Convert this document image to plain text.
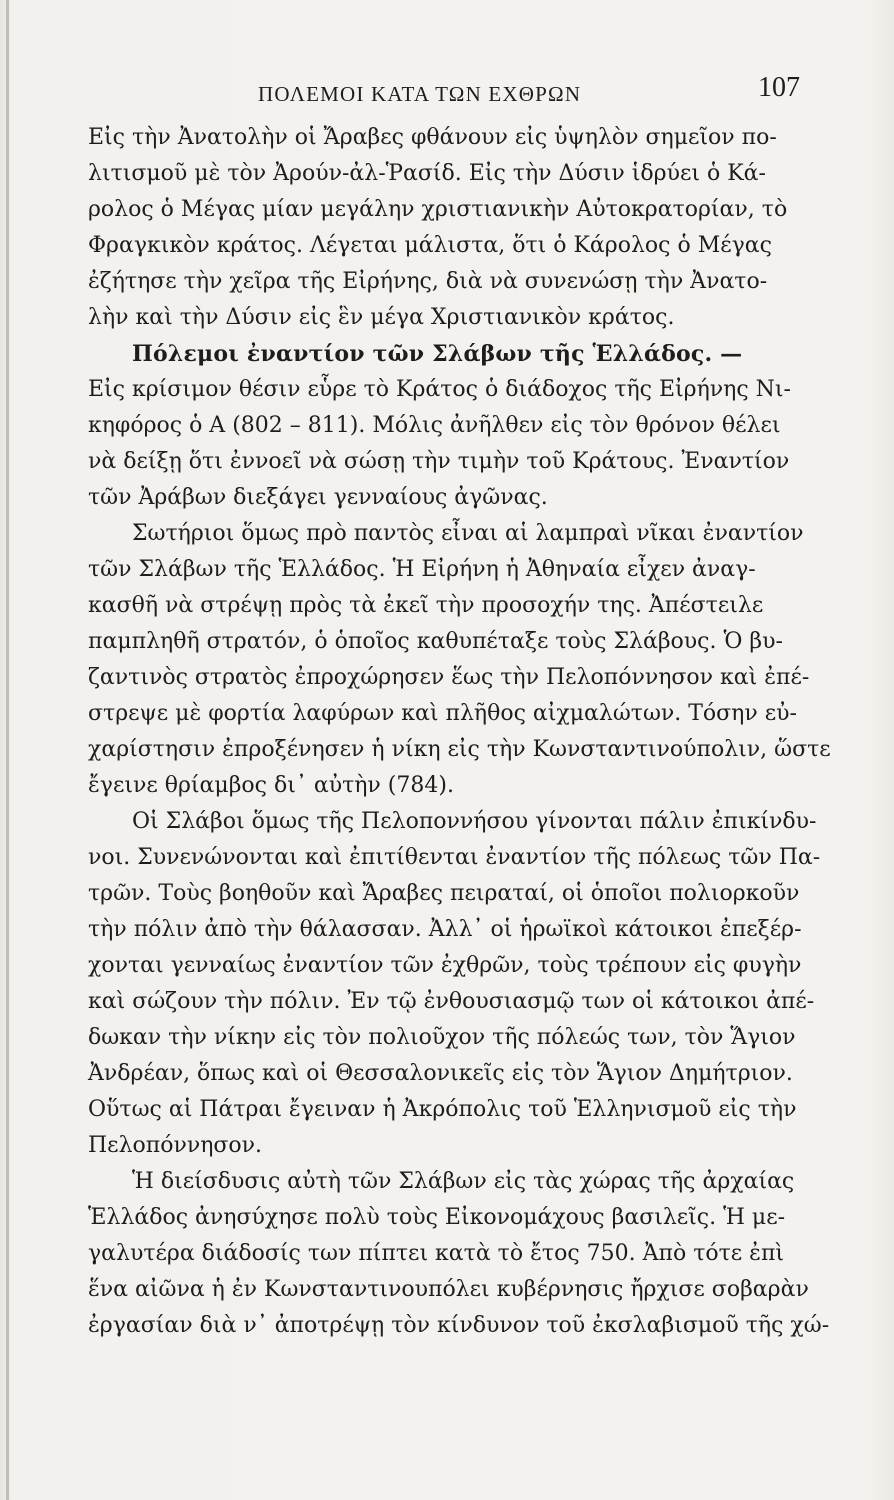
ΠΟΛΕΜΟΙ ΚΑΤΑ ΤΩΝ ΕΧΘΡΩΝ	107
Εἰς τὴν Ἀνατολὴν οἱ Ἄραβες φθάνουν εἰς ὑψηλὸν σημεῖον πο-
λιτισμοῦ μὲ τὸν Ἀρούν-ἀλ-Ῥασίδ. Εἰς τὴν Δύσιν ἱδρύει ὁ Κά-
ρολος ὁ Μέγας μίαν μεγάλην χριστιανικὴν Αὐτοκρατορίαν, τὸ
Φραγκικὸν κράτος. Λέγεται μάλιστα, ὅτι ὁ Κάρολος ὁ Μέγας
ἐζήτησε τὴν χεῖρα τῆς Εἰρήνης, διὰ νὰ συνενώσῃ τὴν Ἀνατο-
λὴν καὶ τὴν Δύσιν εἰς ἓν μέγα Χριστιανικὸν κράτος.
Πόλεμοι ἐναντίον τῶν Σλάβων τῆς Ἑλλάδος. —
Εἰς κρίσιμον θέσιν εὗρε τὸ Κράτος ὁ διάδοχος τῆς Εἰρήνης Νι-
κηφόρος ὁ Α (802 – 811). Μόλις ἀνῆλθεν εἰς τὸν θρόνον θέλει
νὰ δείξῃ ὅτι ἐννοεῖ νὰ σώσῃ τὴν τιμὴν τοῦ Κράτους. Ἐναντίον
τῶν Ἀράβων διεξάγει γενναίους ἀγῶνας.
Σωτήριοι ὅμως πρὸ παντὸς εἶναι αἱ λαμπραὶ νῖκαι ἐναντίον
τῶν Σλάβων τῆς Ἑλλάδος. Ἡ Εἰρήνη ἡ Ἀθηναία εἶχεν ἀναγ-
κασθῆ νὰ στρέψῃ πρὸς τὰ ἐκεῖ τὴν προσοχήν της. Ἀπέστειλε
παμπληθῆ στρατόν, ὁ ὁποῖος καθυπέταξε τοὺς Σλάβους. Ὁ βυ-
ζαντινὸς στρατὸς ἐπροχώρησεν ἕως τὴν Πελοπόννησον καὶ ἐπέ-
στρεψε μὲ φορτία λαφύρων καὶ πλῆθος αἰχμαλώτων. Τόσην εὐ-
χαρίστησιν ἐπροξένησεν ἡ νίκη εἰς τὴν Κωνσταντινούπολιν, ὥστε
ἔγεινε θρίαμβος δι᾿ αὐτὴν (784).
Οἱ Σλάβοι ὅμως τῆς Πελοποννήσου γίνονται πάλιν ἐπικίνδυ-
νοι. Συνενώνονται καὶ ἐπιτίθενται ἐναντίον τῆς πόλεως τῶν Πα-
τρῶν. Τοὺς βοηθοῦν καὶ Ἄραβες πειραταί, οἱ ὁποῖοι πολιορκοῦν
τὴν πόλιν ἀπὸ τὴν θάλασσαν. Ἀλλ᾿ οἱ ἡρωϊκοὶ κάτοικοι ἐπεξέρ-
χονται γενναίως ἐναντίον τῶν ἐχθρῶν, τοὺς τρέπουν εἰς φυγὴν
καὶ σώζουν τὴν πόλιν. Ἐν τῷ ἐνθουσιασμῷ των οἱ κάτοικοι ἀπέ-
δωκαν τὴν νίκην εἰς τὸν πολιοῦχον τῆς πόλεώς των, τὸν Ἅγιον
Ἀνδρέαν, ὅπως καὶ οἱ Θεσσαλονικεῖς εἰς τὸν Ἅγιον Δημήτριον.
Οὕτως αἱ Πάτραι ἔγειναν ἡ Ἀκρόπολις τοῦ Ἑλληνισμοῦ εἰς τὴν
Πελοπόννησον.
Ἡ διείσδυσις αὐτὴ τῶν Σλάβων εἰς τὰς χώρας τῆς ἀρχαίας
Ἑλλάδος ἀνησύχησε πολὺ τοὺς Εἰκονομάχους βασιλεῖς. Ἡ με-
γαλυτέρα διάδοσίς των πίπτει κατὰ τὸ ἔτος 750. Ἀπὸ τότε ἐπὶ
ἕνα αἰῶνα ἡ ἐν Κωνσταντινουπόλει κυβέρνησις ἤρχισε σοβαρὰν
ἐργασίαν διὰ ν᾿ ἀποτρέψῃ τὸν κίνδυνον τοῦ ἐκσλαβισμοῦ τῆς χώ-
